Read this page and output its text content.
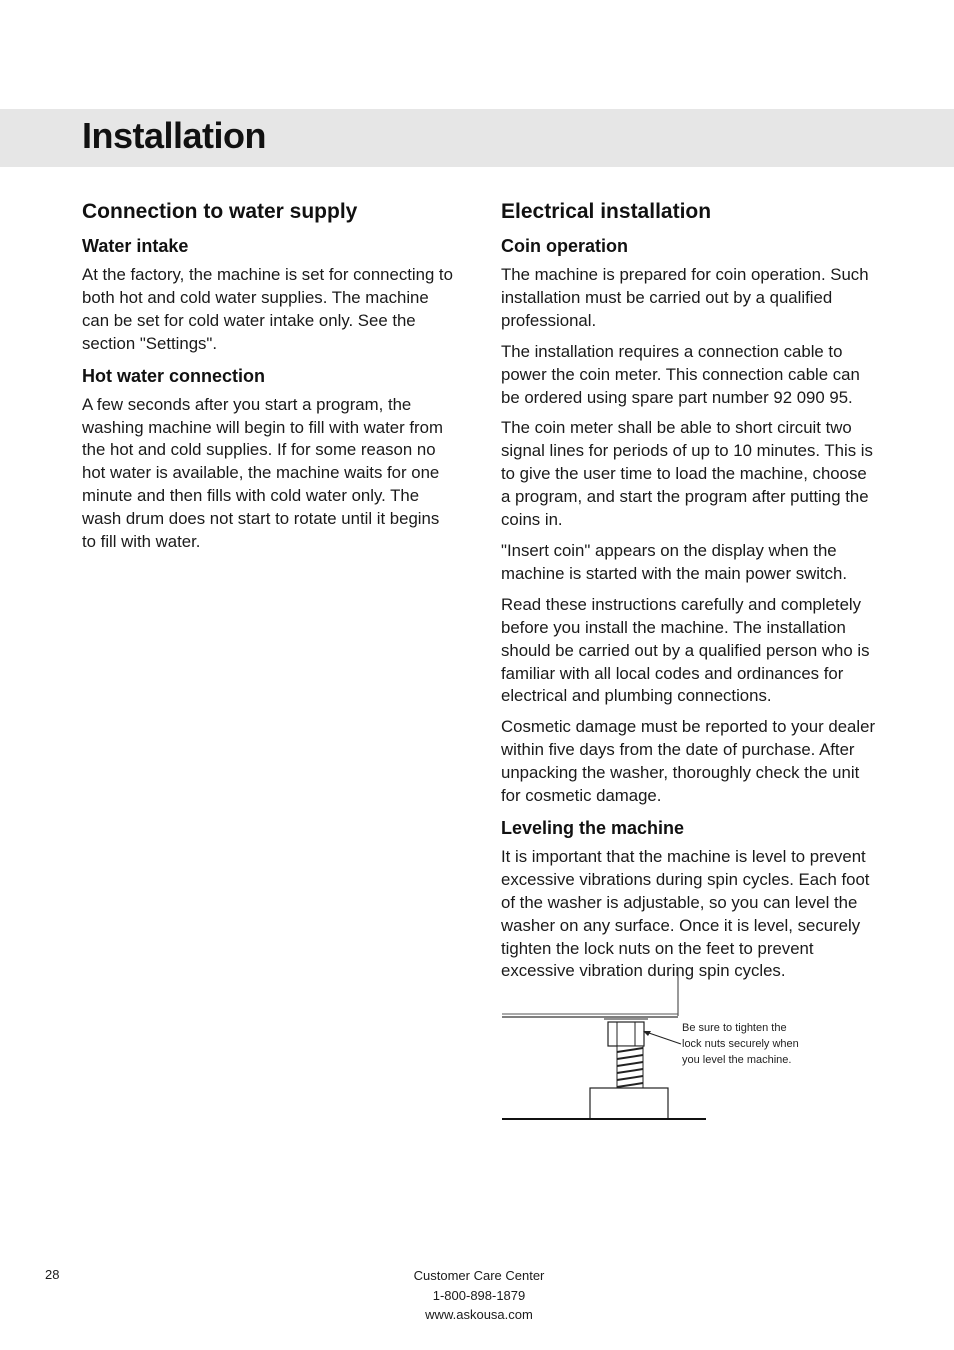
Installation
Connection to water supply
Water intake

At the factory, the machine is set for connecting to both hot and cold water supplies. The machine can be set for cold water intake only. See the section "Settings".

Hot water connection

A few seconds after you start a program, the washing machine will begin to fill with water from the hot and cold supplies. If for some reason no hot water is available, the machine waits for one minute and then fills with cold water only. The wash drum does not start to rotate until it begins to fill with water.

Electrical installation
Coin operation

The machine is prepared for coin operation. Such installation must be carried out by a qualified professional.

The installation requires a connection cable to power the coin meter. This connection cable can be ordered using spare part number 92 090 95.

The coin meter shall be able to short circuit two signal lines for periods of up to 10 minutes. This is to give the user time to load the machine, choose a program, and start the program after putting the coins in.

"Insert coin" appears on the display when the machine is started with the main power switch.

Read these instructions carefully and completely before you install the machine. The installation should be carried out by a qualified person who is familiar with all local codes and ordinances for electrical and plumbing connections.

Cosmetic damage must be reported to your dealer within five days from the date of purchase. After unpacking the washer, thoroughly check the unit for cosmetic damage.

Leveling the machine

It is important that the machine is level to prevent excessive vibrations during spin cycles. Each foot of the washer is adjustable, so you can level the washer on any surface. Once it is level, securely tighten the lock nuts on the feet to prevent excessive vibration during spin cycles.

Be sure to tighten the lock nuts securely when you level the machine.
28	Customer Care Center
1-800-898-1879
www.askousa.com
